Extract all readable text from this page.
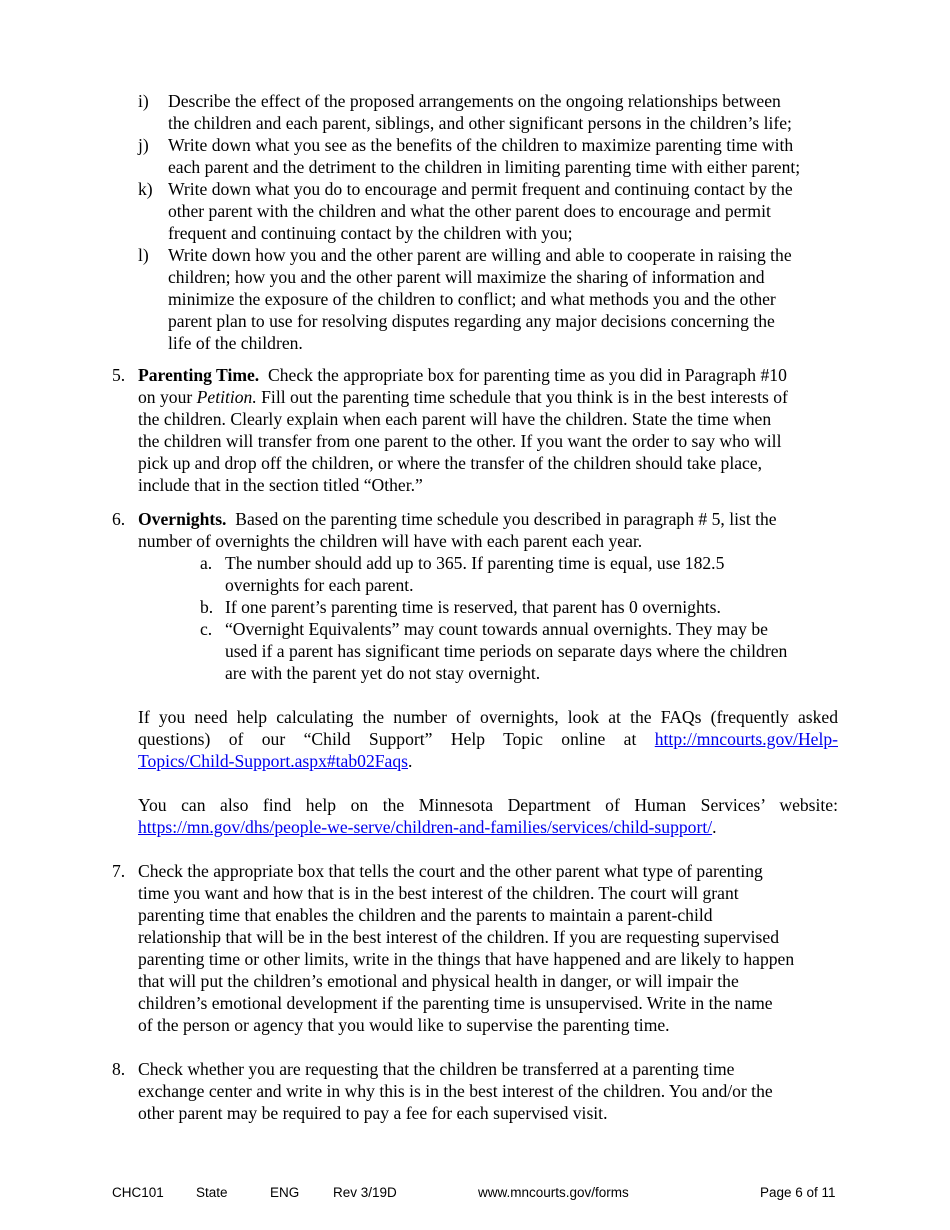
i) Describe the effect of the proposed arrangements on the ongoing relationships between
the children and each parent, siblings, and other significant persons in the children’s life;
j) Write down what you see as the benefits of the children to maximize parenting time with
each parent and the detriment to the children in limiting parenting time with either parent;
k) Write down what you do to encourage and permit frequent and continuing contact by the
other parent with the children and what the other parent does to encourage and permit
frequent and continuing contact by the children with you;
l) Write down how you and the other parent are willing and able to cooperate in raising the
children; how you and the other parent will maximize the sharing of information and
minimize the exposure of the children to conflict; and what methods you and the other
parent plan to use for resolving disputes regarding any major decisions concerning the
life of the children.
5. Parenting Time.  Check the appropriate box for parenting time as you did in Paragraph #10
on your Petition. Fill out the parenting time schedule that you think is in the best interests of
the children. Clearly explain when each parent will have the children. State the time when
the children will transfer from one parent to the other. If you want the order to say who will
pick up and drop off the children, or where the transfer of the children should take place,
include that in the section titled “Other.”
6. Overnights.  Based on the parenting time schedule you described in paragraph # 5, list the
number of overnights the children will have with each parent each year.
a. The number should add up to 365. If parenting time is equal, use 182.5
overnights for each parent.
b. If one parent’s parenting time is reserved, that parent has 0 overnights.
c. “Overnight Equivalents” may count towards annual overnights. They may be
used if a parent has significant time periods on separate days where the children
are with the parent yet do not stay overnight.
If you need help calculating the number of overnights, look at the FAQs (frequently asked
questions) of our “Child Support” Help Topic online at http://mncourts.gov/Help-
Topics/Child-Support.aspx#tab02Faqs.
You can also find help on the Minnesota Department of Human Services’ website:
https://mn.gov/dhs/people-we-serve/children-and-families/services/child-support/.
7. Check the appropriate box that tells the court and the other parent what type of parenting
time you want and how that is in the best interest of the children. The court will grant
parenting time that enables the children and the parents to maintain a parent-child
relationship that will be in the best interest of the children. If you are requesting supervised
parenting time or other limits, write in the things that have happened and are likely to happen
that will put the children’s emotional and physical health in danger, or will impair the
children’s emotional development if the parenting time is unsupervised. Write in the name
of the person or agency that you would like to supervise the parenting time.
8. Check whether you are requesting that the children be transferred at a parenting time
exchange center and write in why this is in the best interest of the children. You and/or the
other parent may be required to pay a fee for each supervised visit.
CHC101 State	ENG Rev 3/19D	www.mncourts.gov/forms	Page 6 of 11
